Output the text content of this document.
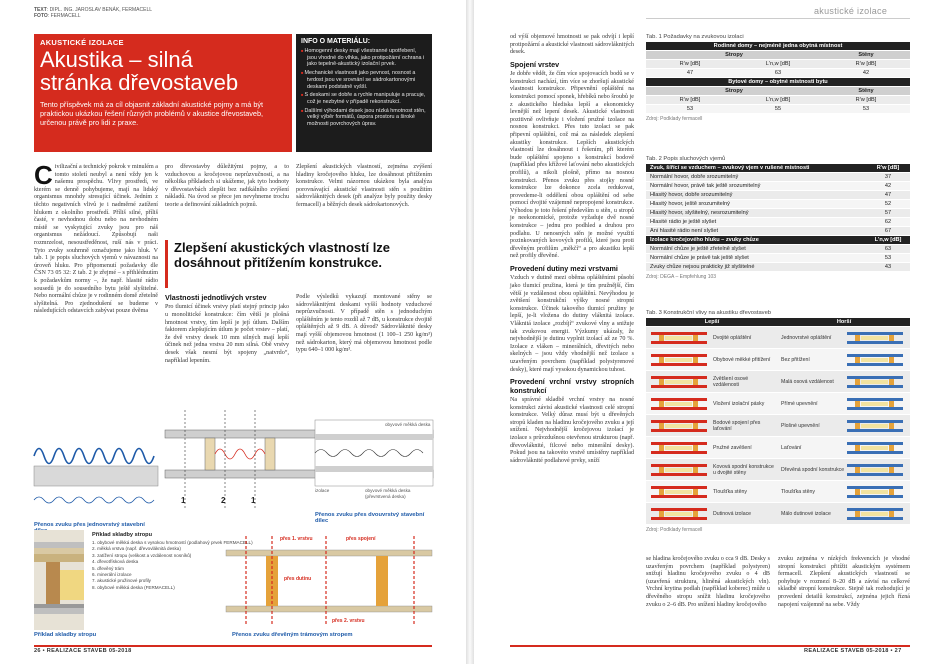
TEXT: DIPL. ING. JAROSLAV BENÁK, FERMACELL
FOTO: FERMACELL
AKUSTICKÉ IZOLACE
Akustika – silná
stránka dřevostaveb
Tento příspěvek má za cíl objasnit základní akustické pojmy a má být praktickou ukázkou řešení různých problémů v akustice dřevostaveb, určenou právě pro lidi z praxe.
INFO O MATERIÁLU:
■ Homogenní desky mají všestranné upotřebení, jsou vhodné do vlhka, jako protipožární ochrana i jako tepelně-akustický izolační prvek.
■ Mechanické vlastnosti jako pevnost, nosnost a tvrdost jsou ve srovnání se sádrokartonovými deskami podstatně vyšší.
■ S deskami se dobře a rychle manipuluje a pracuje, což je nezbytné v případě rekonstrukcí.
■ Dalšími výhodami desek jsou nízká hmotnost stěn, velký výběr formátů, úspora prostoru a široké možnosti povrchových úprav.
Civilizační a technický pokrok v minulém a tomto století neubyl a není vždy jen k našemu prospěchu. Vlivy prostředí, ve kterém se denně pohybujeme, mají na lidský organismus mnohdy stresující účinek. Jedním z těchto negativních vlivů je i nadměrné zatížení hlukem z okolního prostředí. Příliš silné, příliš časté, v nevhodnou dobu nebo na nevhodném místě se vyskytující zvuky jsou pro náš organismus nežádoucí. Způsobují naši rozmrzelost, nesoustředěnost, ruší nás v práci. Tyto zvuky souhrnně označujeme jako hluk. V tab. 1 je popis sluchových vjemů v návaznosti na úroveň hluku. Pro připomenutí požadavky dle ČSN 73 05 32: Z tab. 2 je zřejmé – s přihlédnutím k požadavkům normy –, že např. hlasité rádio sousedů je do sousedního bytu ještě slyšitelné. Nebo normální chůze je v rodinném domě zřetelně slyšitelná. Pro zjednodušení se budeme v následujících odstavcích zabývat pouze dvěma
pro dřevostavby důležitými pojmy, a to vzduchovou a kročejovou neprůzvučností, a na několika příkladech si ukážeme, jak tyto hodnoty v dřevostavbách zlepšit bez radikálního zvýšení nákladů. Na úvod se přece jen nevyhneme trochu teorie a definování základních pojmů.
Zlepšení akustických vlastností, zejména zvýšení hladiny kročejového hluku, lze dosáhnout přitížením konstrukce. Velmi názornou ukázkou byla analýza porovnávající akustické vlastnosti stěn s použitím sádrovláknitých desek (při analýze byly použity desky fermacell) a běžných desek sádrokartonových.
Zlepšení akustických vlastností lze dosáhnout přitížením konstrukce.
Vlastnosti jednotlivých vrstev
Pro tlumicí účinek vrstvy platí stejný princip jako u monolitické konstrukce: čím větší je plošná hmotnost vrstvy, tím lepší je její útlum. Dalším faktorem zlepšujícím útlum je počet vrstev – platí, že dvě vrstvy desek 10 mm silných mají lepší účinek než jedna vrstva 20 mm silná. Obě vrstvy desek však nesmí být spojeny „natvrdo“, například lepením.
Podle výsledků vykazují montované stěny se sádrovláknitými deskami vyšší hodnoty vzduchové neprůzvučnosti. V případě stěn s jednoduchým opláštěním je tento rozdíl až 7 dB, u konstrukce dvojitě opláštěných až 9 dB. A důvod? Sádrovláknité desky mají vyšší objemovou hmotnost (1 100–1 250 kg/m³) než sádrokarton, který má objemovou hmotnost podle typu 640–1 000 kg/m³.
Přenos zvuku přes jednovrstvý stavební
obyvové měkká deska
izolace	obyvové měkká deska (převrstvená deska)
1	2	1
Přenos zvuku přes dvouvrstvý stavební dílec
Příklad skladby stropu
1. obybové měkká deska s vysokou hmotností (podlahový prvek FERMACELL)
2. měkká vrstva (např. dřevovláknitá deska)
3. zatížení stropu (velikost a vzdálenost nosníků)
4. dřevotřísková deska
5. dřevěný trám
6. minerální izolace
7. akustické pružinové profily
8. obybové měkká deska (FERMACELL)
Příklad skladby stropu
přes 1. vrstvu	přes spojení
přes dutinu
přes 2. vrstvu
Přenos zvuku dřevěným trámovým stropem
26 • REALIZACE STAVEB 05-2018
akustické izolace

od výší objemové hmotnosti se pak odvíjí i lepší protipožární a akustické vlastnosti sádrovláknitých desek.

Spojení vrstev

Je dobře vědět, že čím více spojovacích bodů se v konstrukci nachází, tím více se zhoršují akustické vlastnosti konstrukce. Připevnění opláštění na konstrukci pomocí sponek, hřebíků nebo šroubů je z akustického hlediska lepší a ekonomicky levnější než lepení desek. Akustické vlastnosti pozitivně ovlivňuje i vložení pružné izolace na nosnou konstrukci. Přes tuto izolaci se pak připevní opláštění, což má za následek zlepšení akustiky konstrukce. Lepších akustických vlastností lze dosáhnout i řešením, při kterém bude opláštění spojeno s konstrukcí bodově (například přes křížové laťování nebo akustických profilů), a nikoli plošně, přímo na nosnou konstrukci. Přenos zvuku přes stojky nosné konstrukce lze dokonce zcela redukovat, provedeme-li oddělení obou opláštění od sebe pomocí dvojité vzájemně nepropojené konstrukce. Výhodou je toto řešení především u stěn, u stropů je neekonomické, protože vyžaduje dvě nosné konstrukce – jednu pro podhled a druhou pro podlahu. U nenosných stěn je možné využití pozinkovaných kovových profilů, které jsou proti dřevěným profilům „měkčí“ a pro akustiku lepší než profily dřevěné.

Provedení dutiny mezi vrstvami

Vzduch v dutině mezi oběma opláštěními působí jako tlumicí pružina, která je tím pružnější, čím větší je vzdálenost obou opláštění. Nevýhodou je zvětšení konstrukční výšky nosné stropní konstrukce. Účinek takového tlumicí pružiny je lepší, je-li vložena do dutiny vláknitá izolace. Vláknitá izolace „rozbíjí“ zvukové vlny a snižuje tak zvukovou energii. Výzkumy ukázaly, že nejvhodnější je dutinu vyplnit izolací až ze 70 %. Izolace z vláken – minerálních, dřevitých nebo skelných – jsou vždy vhodnější než izolace s uzavřeným povrchem (například polystyrenové desky), které mají vysokou dynamickou tuhost.

Provedení vrchní vrstvy stropních konstrukcí

Na správné skladbě vrchní vrstvy na nosné konstrukci závisí akustické vlastnosti celé stropní konstrukce. Velký důraz musí být u dřevěných stropů kladen na hladinu kročejového zvuku a její snížení. Nejvhodnější kročejovou izolací je izolace s průvzdušnou otevřenou strukturou (např. dřevovláknité, filcové nebo minerální desky). Pokud jsou na takovéto vrstvě umístěny například sádrovláknité podlahové prvky, sníží

Tab. 1 Požadavky na zvukovou izolaci
Rodinné domy – nejméně jedna obytná místnost
Stropy	Stěny
R'w [dB]	L'n,w [dB]	R'w [dB]
47	63	42
Bytové domy – obytné místnosti bytu
Stropy	Stěny
R'w [dB]	L'n,w [dB]	R'w [dB]
53	55	53
Zdroj: Podklady fermacell
Tab. 2 Popis sluchových vjemů
Zvuk, šířící se vzduchem – zvukový vjem v rušené místnosti	R'w [dB]
Normální hovor, dobře srozumitelný	37
Normální hovor, právě tak ještě srozumitelný	42
Hlasitý hovor, dobře srozumitelný	47
Hlasitý hovor, ještě srozumitelný	52
Hlasitý hovor, slyšitelný, nesrozumitelný	57
Hlasité rádio je ještě slyšet	62
Ani hlasité rádio není slyšet	67
Izolace kročejového hluku – zvuky chůze	L'n,w [dB]
Normální chůze je ještě zřetelně slyšet	63
Normální chůze je právě tak ještě slyšet	53
Zvuky chůze nejsou prakticky již slyšitelné	43
Zdroj: DEGA – Empfehlung 103
Tab. 3 Konstrukční vlivy na akustiku dřevostaveb
Lepší	Horší
Dvojité opláštění	Jednovrstvé opláštění
Obybové měkké přitížení	Bez přitížení
Zvětšení osové vzdálenosti	Malá osová vzdálenost
Vložení izolační pásky	Přímé upevnění
Bodové spojení přes laťování	Plošné upevnění
Pružné zavěšení	Laťování
Kovová spodní konstrukce u dvojité stěny	Dřevěná spodní konstrukce
Tloušťka stěny	Tloušťka stěny
Dutinová izolace	Málo dutinové izolace
Zdroj: Podklady fermacell
se hladina kročejového zvuku o cca 9 dB. Desky s uzavřeným povrchem (například polystyren) snižují hladinu kročejového zvuku o 4 dB (uzavřená struktura, hliněná akustických vln). Vrchní krytina podlah (například koberec) může u dřevěného stropu snížit hladinu kročejového zvuku o 2–6 dB. Pro snížení hladiny kročejového
zvuku zejména v nízkých frekvencích je vhodné stropní konstrukci přitížit akustickým systémem fermacell. Zlepšení akustických vlastností se pohybuje v rozmezí 8–20 dB a závisí na celkové skladbě stropní konstrukce. Stejně tak rozhodující je provedení detailů konstrukcí, zejména jejich řízná napojení vzájemně na sebe. Vždy
REALIZACE STAVEB 05-2018 • 27
